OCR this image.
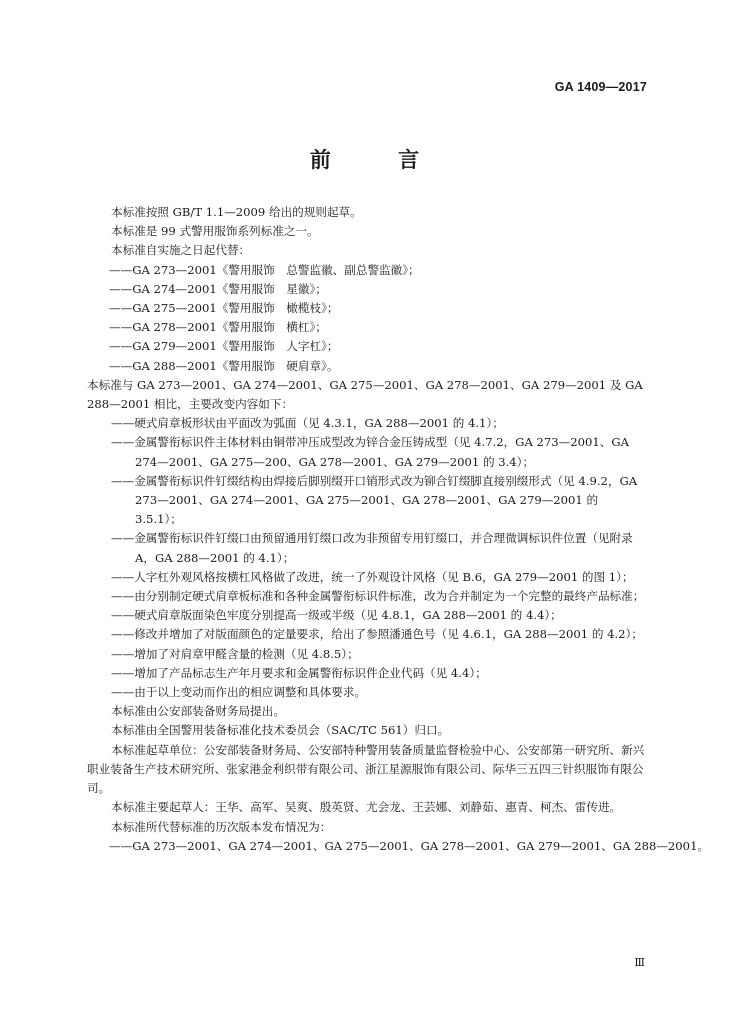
GA 1409—2017
前 言

本标准按照 GB/T 1.1—2009 给出的规则起草。

本标准是 99 式警用服饰系列标准之一。

本标准自实施之日起代替：

——GA 273—2001《警用服饰　总警监徽、副总警监徽》；

——GA 274—2001《警用服饰　星徽》；

——GA 275—2001《警用服饰　橄榄枝》；

——GA 278—2001《警用服饰　横杠》；

——GA 279—2001《警用服饰　人字杠》；

——GA 288—2001《警用服饰　硬肩章》。

本标准与 GA 273—2001、GA 274—2001、GA 275—2001、GA 278—2001、GA 279—2001 及 GA 288—2001 相比，主要改变内容如下：

——硬式肩章板形状由平面改为弧面（见 4.3.1，GA 288—2001 的 4.1）；

——金属警衔标识件主体材料由铜带冲压成型改为锌合金压铸成型（见 4.7.2，GA 273—2001、GA 274—2001、GA 275—200、GA 278—2001、GA 279—2001 的 3.4）；

——金属警衔标识件钉缀结构由焊接后脚别缀开口销形式改为铆合钉缀脚直接别缀形式（见 4.9.2，GA 273—2001、GA 274—2001、GA 275—2001、GA 278—2001、GA 279—2001 的 3.5.1）；

——金属警衔标识件钉缀口由预留通用钉缀口改为非预留专用钉缀口，并合理微调标识件位置（见附录 A，GA 288—2001 的 4.1）；

——人字杠外观风格按横杠风格做了改进，统一了外观设计风格（见 B.6，GA 279—2001 的图 1）；

——由分别制定硬式肩章板标准和各种金属警衔标识件标准，改为合并制定为一个完整的最终产品标准；

——硬式肩章版面染色牢度分别提高一级或半级（见 4.8.1，GA 288—2001 的 4.4）；

——修改并增加了对版面颜色的定量要求，给出了参照潘通色号（见 4.6.1，GA 288—2001 的 4.2）；

——增加了对肩章甲醛含量的检测（见 4.8.5）；

——增加了产品标志生产年月要求和金属警衔标识件企业代码（见 4.4）；

——由于以上变动而作出的相应调整和具体要求。

本标准由公安部装备财务局提出。

本标准由全国警用装备标准化技术委员会（SAC/TC 561）归口。

本标准起草单位：公安部装备财务局、公安部特种警用装备质量监督检验中心、公安部第一研究所、新兴职业装备生产技术研究所、张家港金利织带有限公司、浙江星源服饰有限公司、际华三五四三针织服饰有限公司。

本标准主要起草人：王华、高军、吴爽、殷英贤、尤会龙、王芸娜、刘静茹、惠青、柯杰、雷传进。

本标准所代替标准的历次版本发布情况为：

——GA 273—2001、GA 274—2001、GA 275—2001、GA 278—2001、GA 279—2001、GA 288—2001。

Ⅲ
